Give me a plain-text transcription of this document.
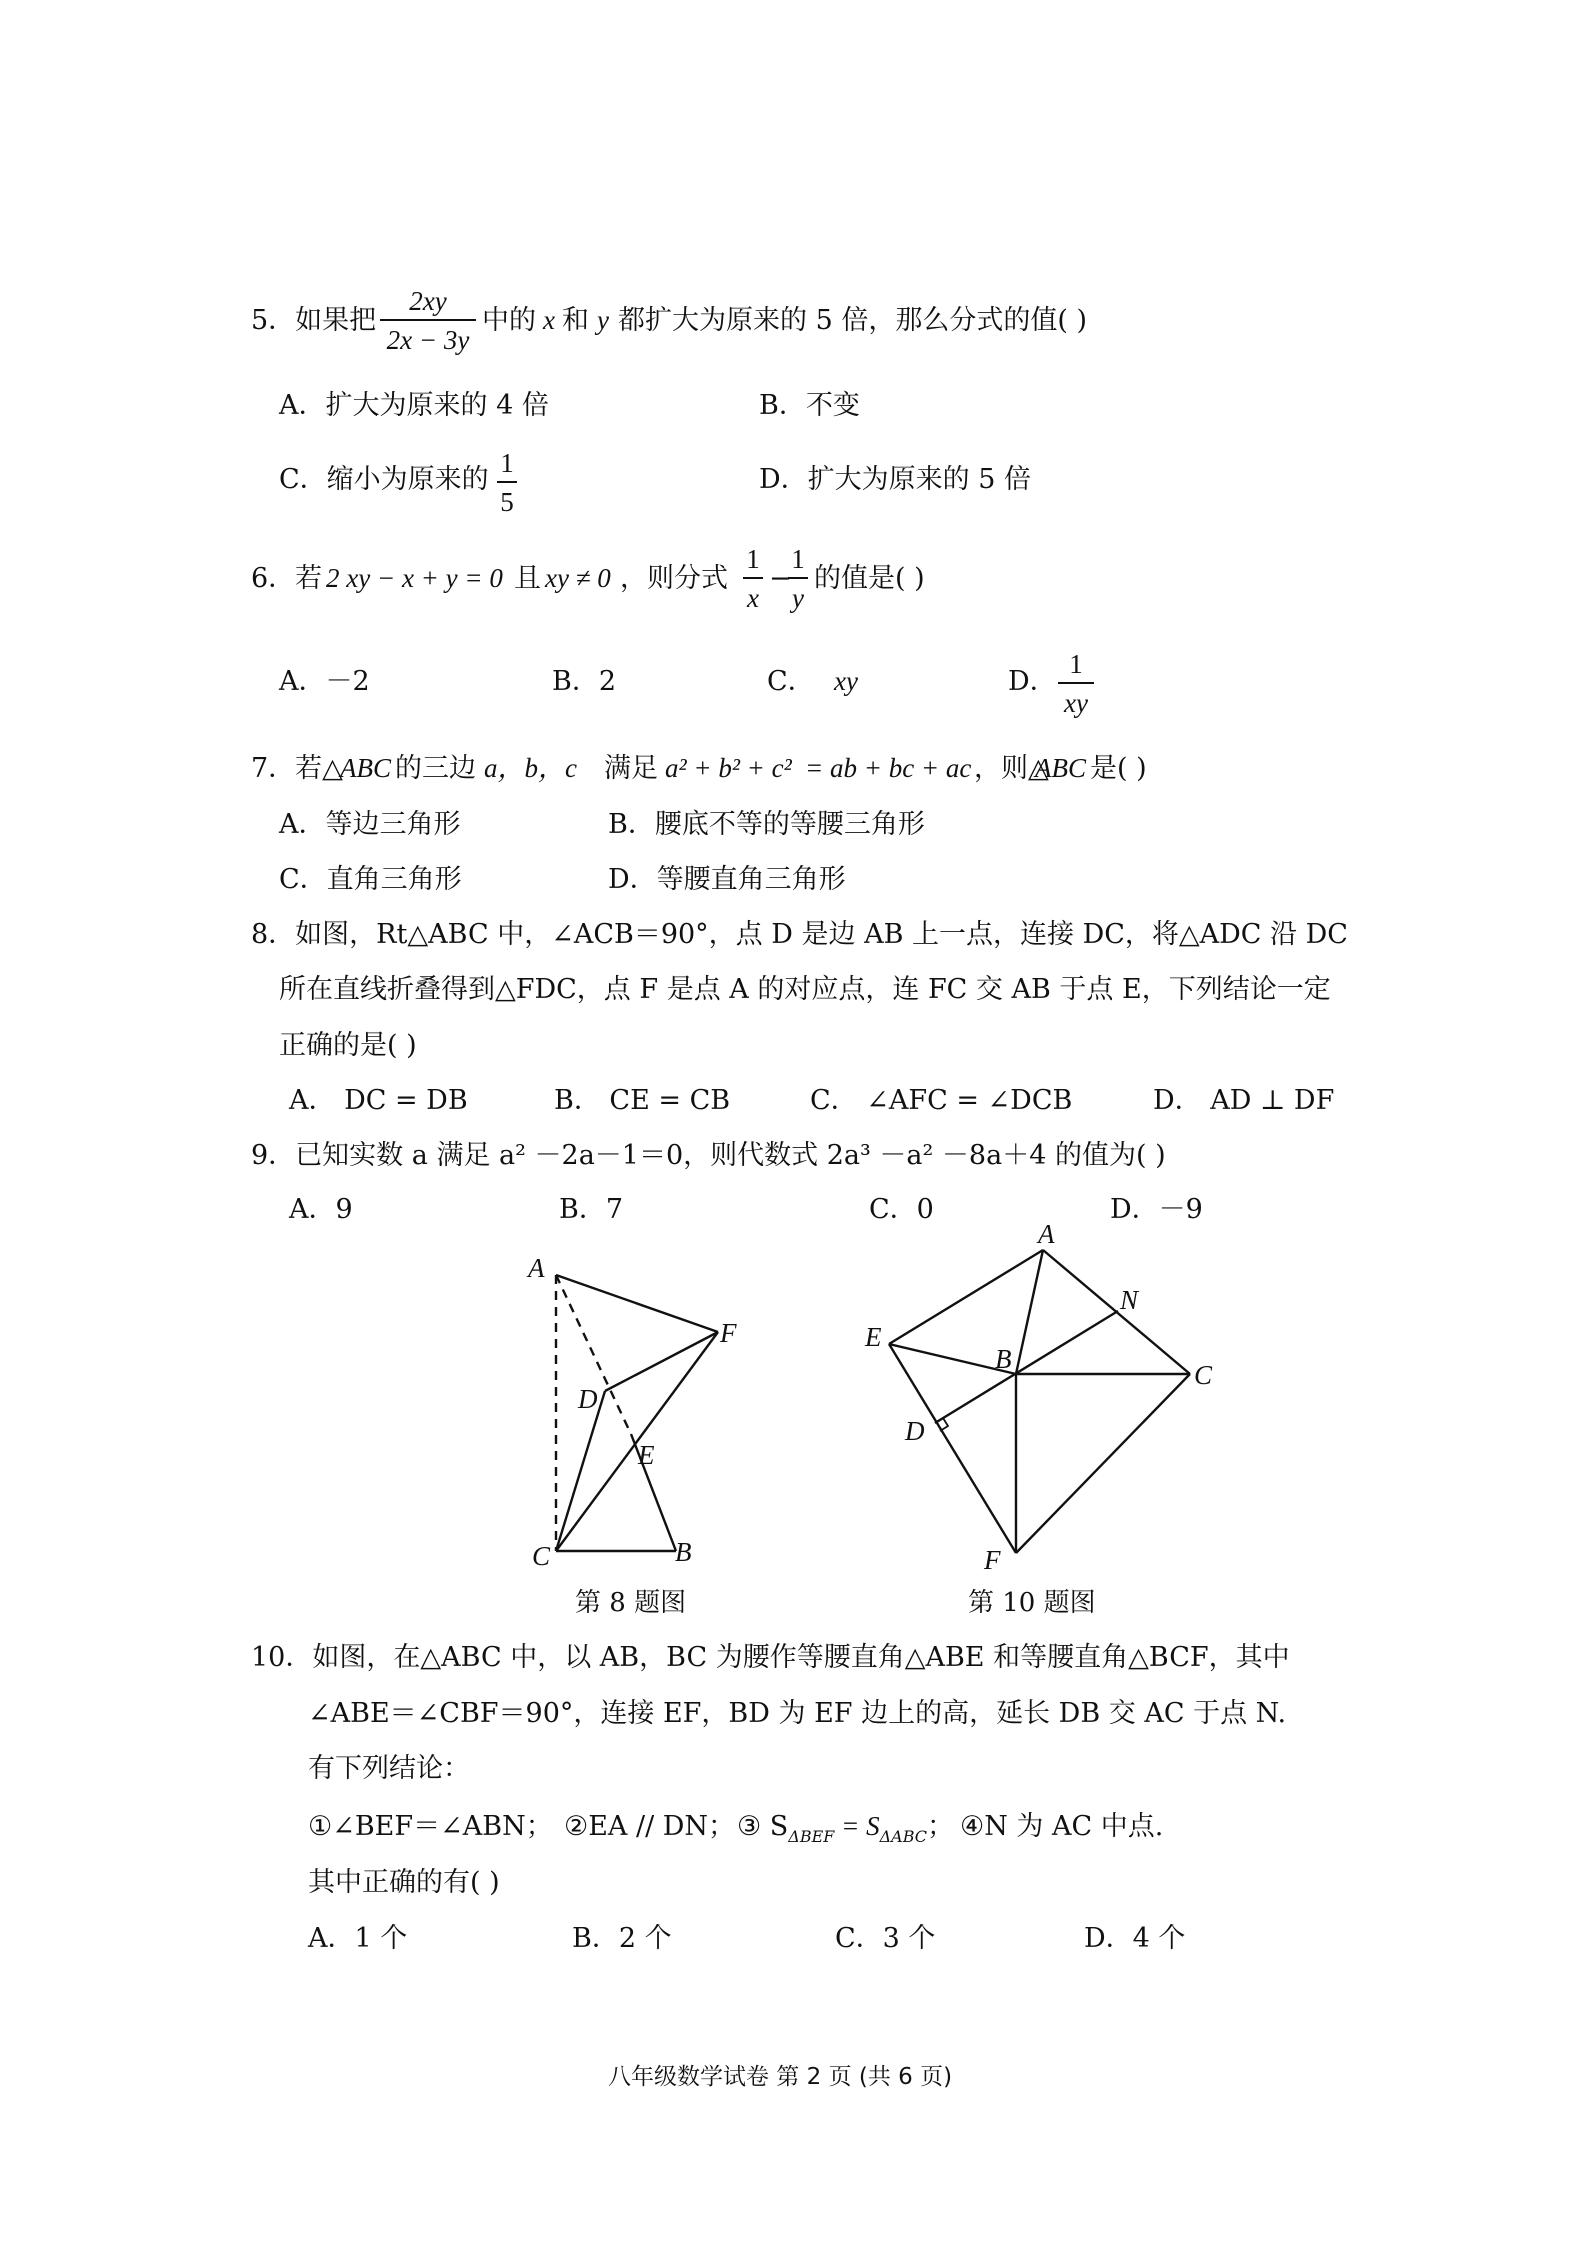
5．如果把
2xy
2x − 3y
中的 x 和 y 都扩大为原来的 5 倍，那么分式的值( )
A．扩大为原来的 4 倍	B．不变
C．缩小为原来的
1
5
D．扩大为原来的 5 倍
6．若 2 xy − x + y = 0 且 xy ≠ 0 ，则分式
1
x
−
1
y
的值是( )
A．－2	B．2	C． xy	D．
1
xy
7．若△
ABC 的三边 a，b，c 满足 a² + b² + c² = ab + bc + ac ，则△
ABC 是( )
A．等边三角形	B．腰底不等的等腰三角形
C．直角三角形	D．等腰直角三角形
8．如图，Rt△ABC 中，∠ACB＝90°，点 D 是边 AB 上一点，连接 DC，将△ADC 沿 DC
所在直线折叠得到△FDC，点 F 是点 A 的对应点，连 FC 交 AB 于点 E，下列结论一定
正确的是( )
A． DC = DB	B． CE = CB	C． ∠AFC = ∠DCB	D． AD ⊥ DF
9．已知实数 a 满足 a² －2a－1＝0，则代数式 2a³ －a² －8a＋4 的值为( )
A．9	B．7	C．0	D．－9
A
F
D
E
C	B
A
N
E
B
C
D
F
第 8 题图	第 10 题图
10．如图，在△ABC 中，以 AB，BC 为腰作等腰直角△ABE 和等腰直角△BCF，其中
∠ABE＝∠CBF＝90°，连接 EF，BD 为 EF 边上的高，延长 DB 交 AC 于点 N.
有下列结论：
①∠BEF＝∠ABN； ②EA // DN； ③ $S_{\Delta BEF} = S_{\Delta ABC}$； ④N 为 AC 中点.
其中正确的有( )
A．1 个	B．2 个	C．3 个	D．4 个
八年级数学试卷 第 2 页 (共 6 页)
